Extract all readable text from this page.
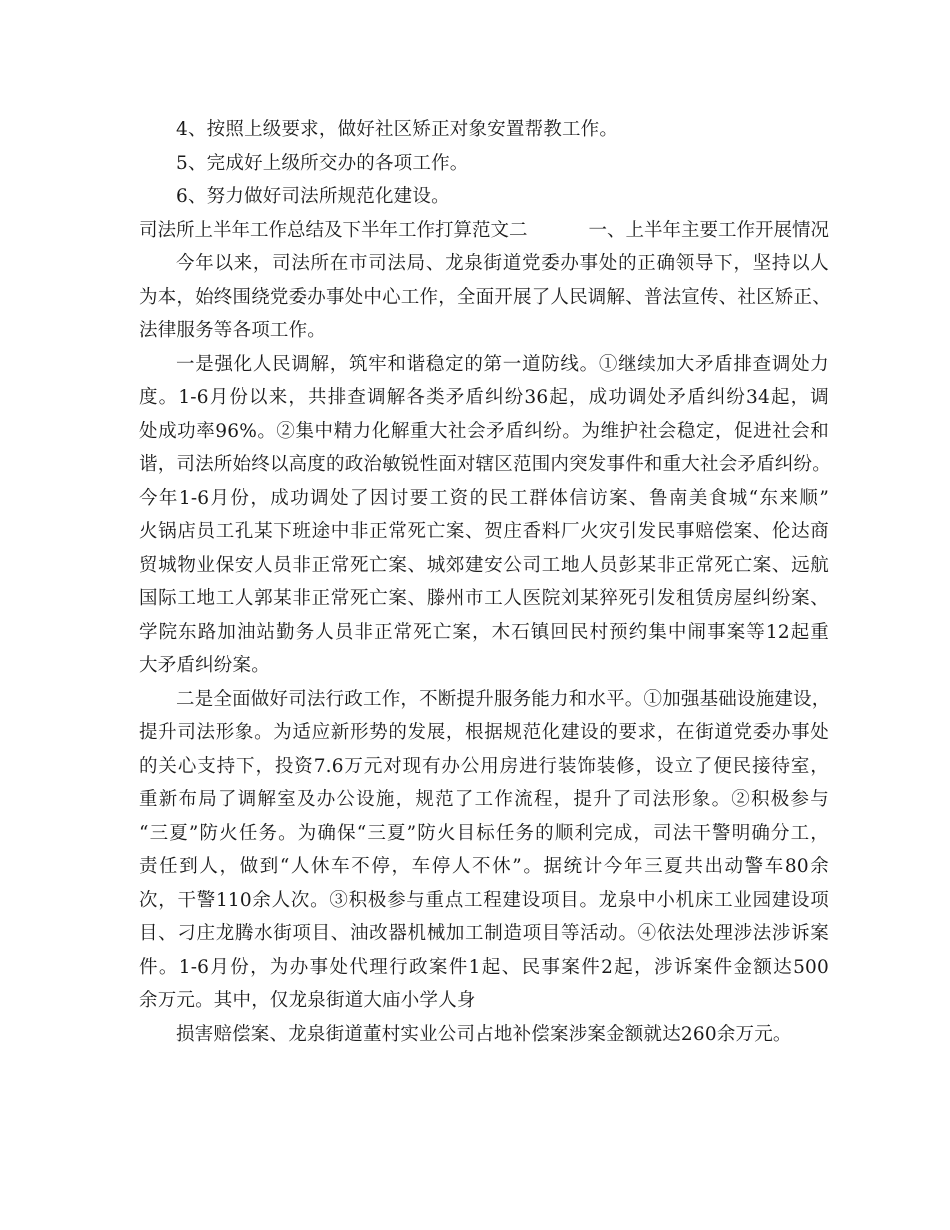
4、按照上级要求，做好社区矫正对象安置帮教工作。
5、完成好上级所交办的各项工作。
6、努力做好司法所规范化建设。
司法所上半年工作总结及下半年工作打算范文二	一、上半年主要工作开展情况
今年以来，司法所在市司法局、龙泉街道党委办事处的正确领导下，坚持以人
为本，始终围绕党委办事处中心工作，全面开展了人民调解、普法宣传、社区矫正、
法律服务等各项工作。
一是强化人民调解，筑牢和谐稳定的第一道防线。①继续加大矛盾排查调处力
度。1-6月份以来，共排查调解各类矛盾纠纷36起，成功调处矛盾纠纷34起，调
处成功率96%。②集中精力化解重大社会矛盾纠纷。为维护社会稳定，促进社会和
谐，司法所始终以高度的政治敏锐性面对辖区范围内突发事件和重大社会矛盾纠纷。
今年1-6月份，成功调处了因讨要工资的民工群体信访案、鲁南美食城“东来顺”
火锅店员工孔某下班途中非正常死亡案、贺庄香料厂火灾引发民事赔偿案、伦达商
贸城物业保安人员非正常死亡案、城郊建安公司工地人员彭某非正常死亡案、远航
国际工地工人郭某非正常死亡案、滕州市工人医院刘某猝死引发租赁房屋纠纷案、
学院东路加油站勤务人员非正常死亡案，木石镇回民村预约集中闹事案等12起重
大矛盾纠纷案。
二是全面做好司法行政工作，不断提升服务能力和水平。①加强基础设施建设，
提升司法形象。为适应新形势的发展，根据规范化建设的要求，在街道党委办事处
的关心支持下，投资7.6万元对现有办公用房进行装饰装修，设立了便民接待室，
重新布局了调解室及办公设施，规范了工作流程，提升了司法形象。②积极参与
“三夏”防火任务。为确保“三夏”防火目标任务的顺利完成，司法干警明确分工，
责任到人，做到“人休车不停，车停人不休”。据统计今年三夏共出动警车80余
次，干警110余人次。③积极参与重点工程建设项目。龙泉中小机床工业园建设项
目、刁庄龙腾水街项目、油改器机械加工制造项目等活动。④依法处理涉法涉诉案
件。1-6月份，为办事处代理行政案件1起、民事案件2起，涉诉案件金额达500
余万元。其中，仅龙泉街道大庙小学人身
损害赔偿案、龙泉街道董村实业公司占地补偿案涉案金额就达260余万元。
